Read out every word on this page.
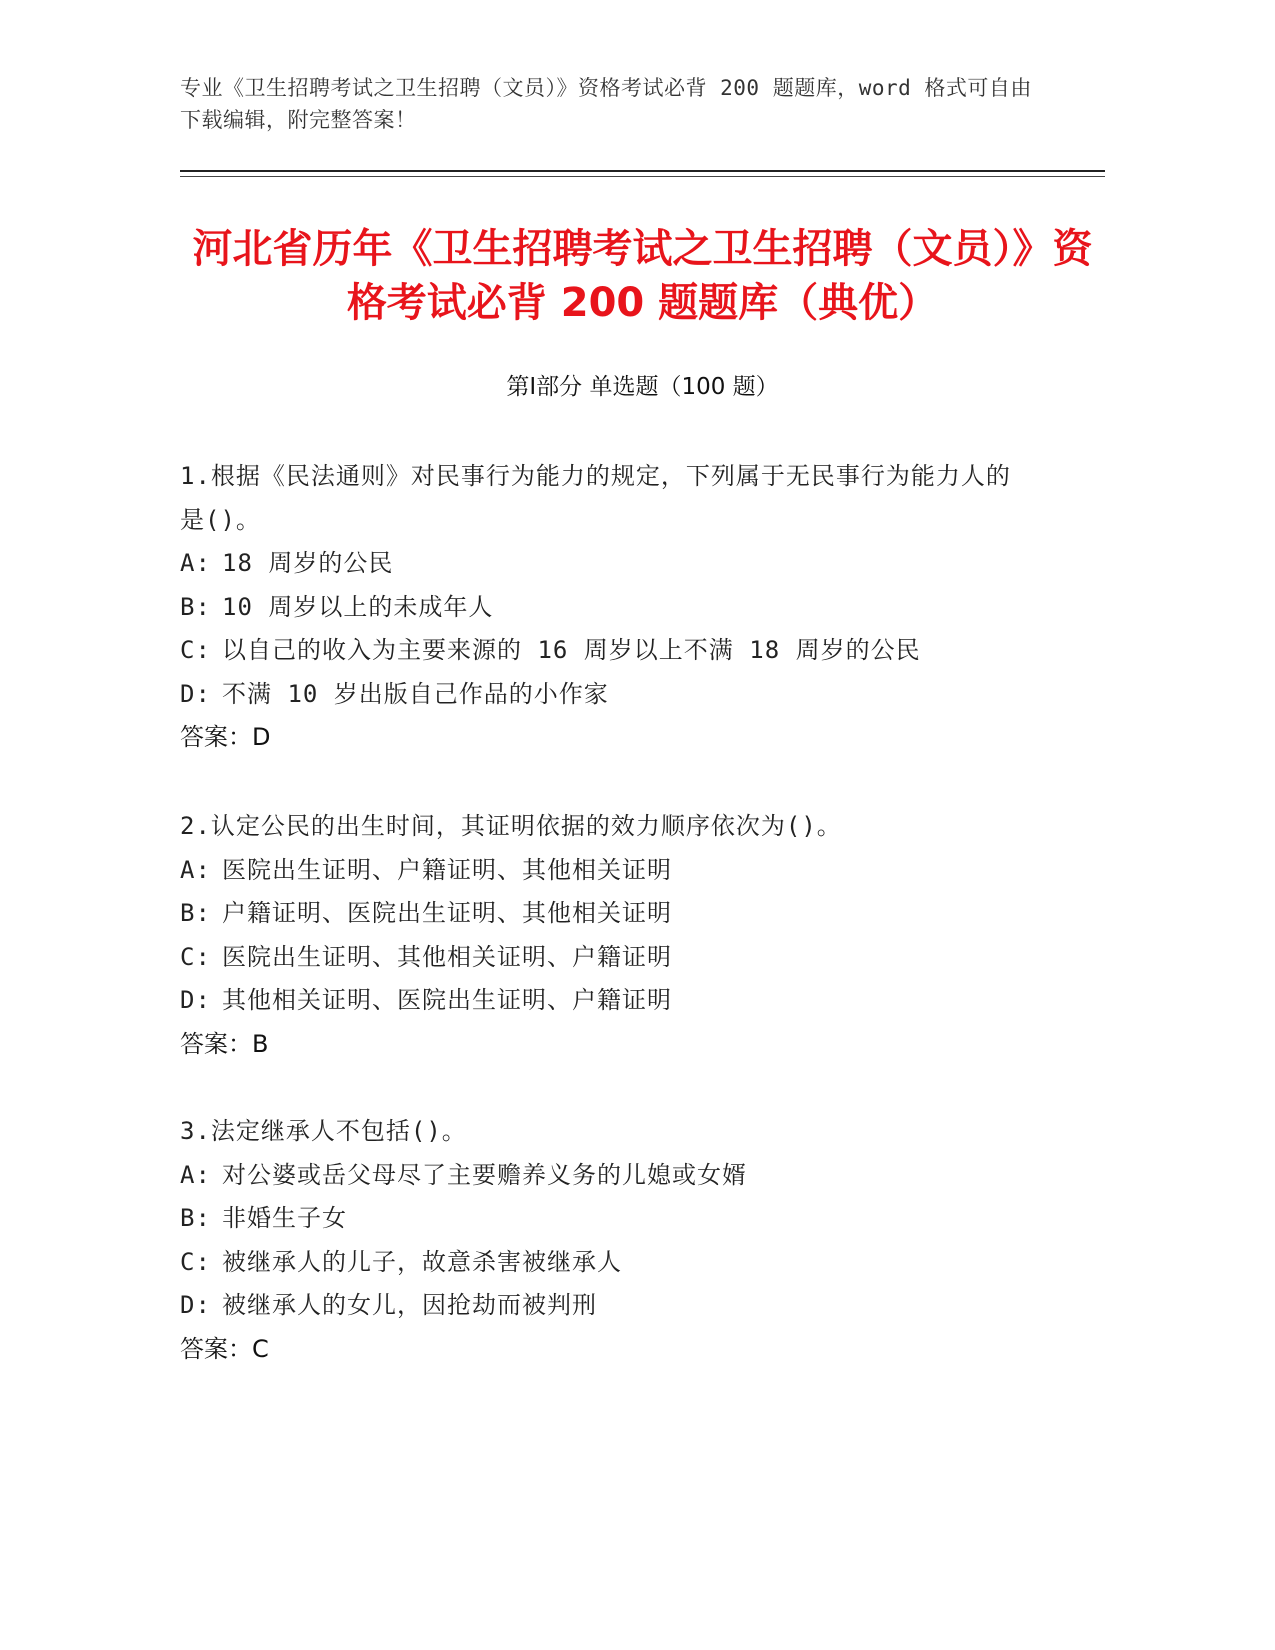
专业《卫生招聘考试之卫生招聘（文员）》资格考试必背 200 题题库，word 格式可自由下载编辑，附完整答案！
河北省历年《卫生招聘考试之卫生招聘（文员）》资格考试必背 200 题题库（典优）
第Ⅰ部分 单选题（100 题）

1.根据《民法通则》对民事行为能力的规定，下列属于无民事行为能力人的是()。

A: 18 周岁的公民

B: 10 周岁以上的未成年人

C: 以自己的收入为主要来源的 16 周岁以上不满 18 周岁的公民

D: 不满 10 岁出版自己作品的小作家

答案：D

2.认定公民的出生时间，其证明依据的效力顺序依次为()。

A: 医院出生证明、户籍证明、其他相关证明

B: 户籍证明、医院出生证明、其他相关证明

C: 医院出生证明、其他相关证明、户籍证明

D: 其他相关证明、医院出生证明、户籍证明

答案：B

3.法定继承人不包括()。

A: 对公婆或岳父母尽了主要赡养义务的儿媳或女婿

B: 非婚生子女

C: 被继承人的儿子，故意杀害被继承人

D: 被继承人的女儿，因抢劫而被判刑

答案：C
